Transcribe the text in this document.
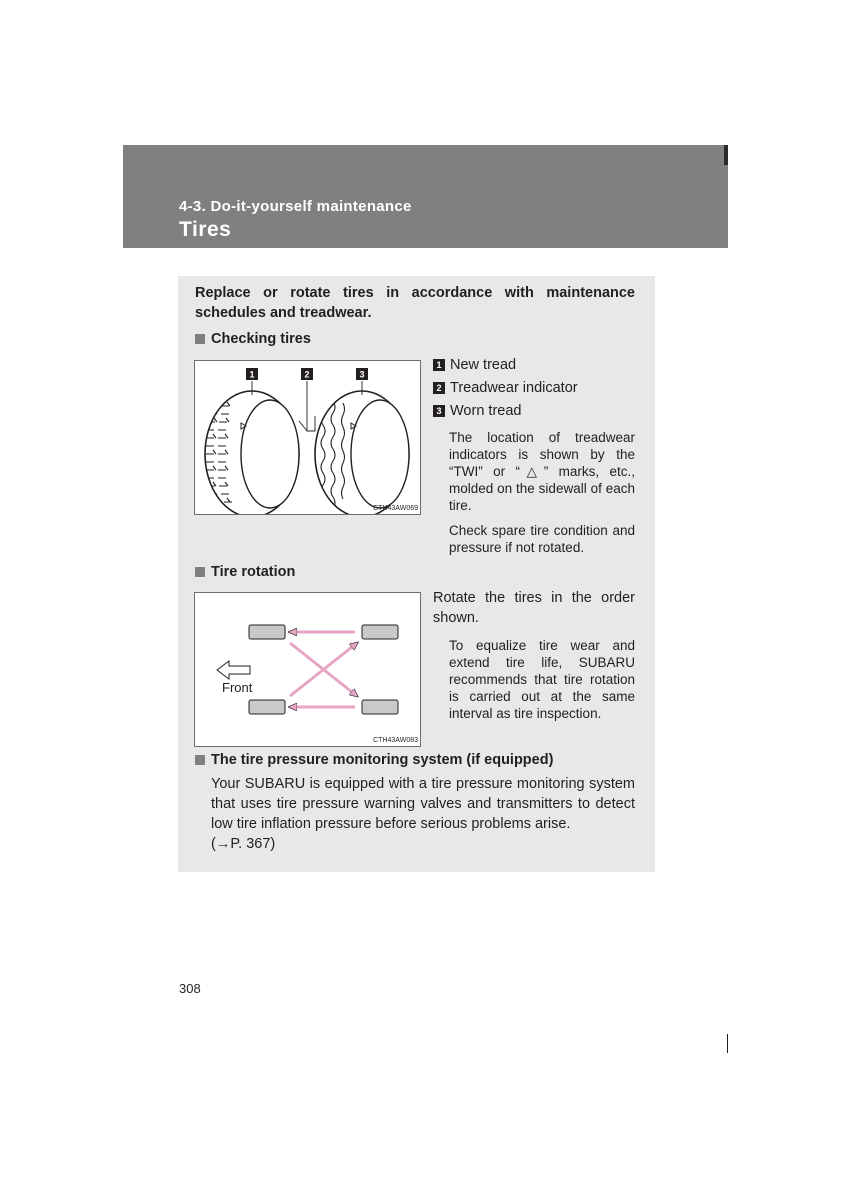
4-3. Do-it-yourself maintenance
Tires
Replace or rotate tires in accordance with maintenance schedules and treadwear.
Checking tires
1	2	3
CTH43AW069
1 New tread
2 Treadwear indicator
3 Worn tread
The location of treadwear indicators is shown by the “TWI” or “△” marks, etc., molded on the sidewall of each tire.
Check spare tire condition and pressure if not rotated.
Tire rotation
Front
CTH43AW083
Rotate the tires in the order shown.
To equalize tire wear and extend tire life, SUBARU recommends that tire rotation is carried out at the same interval as tire inspection.
The tire pressure monitoring system (if equipped)
Your SUBARU is equipped with a tire pressure monitoring system that uses tire pressure warning valves and transmitters to detect low tire inflation pressure before serious problems arise.
(→P. 367)
308
